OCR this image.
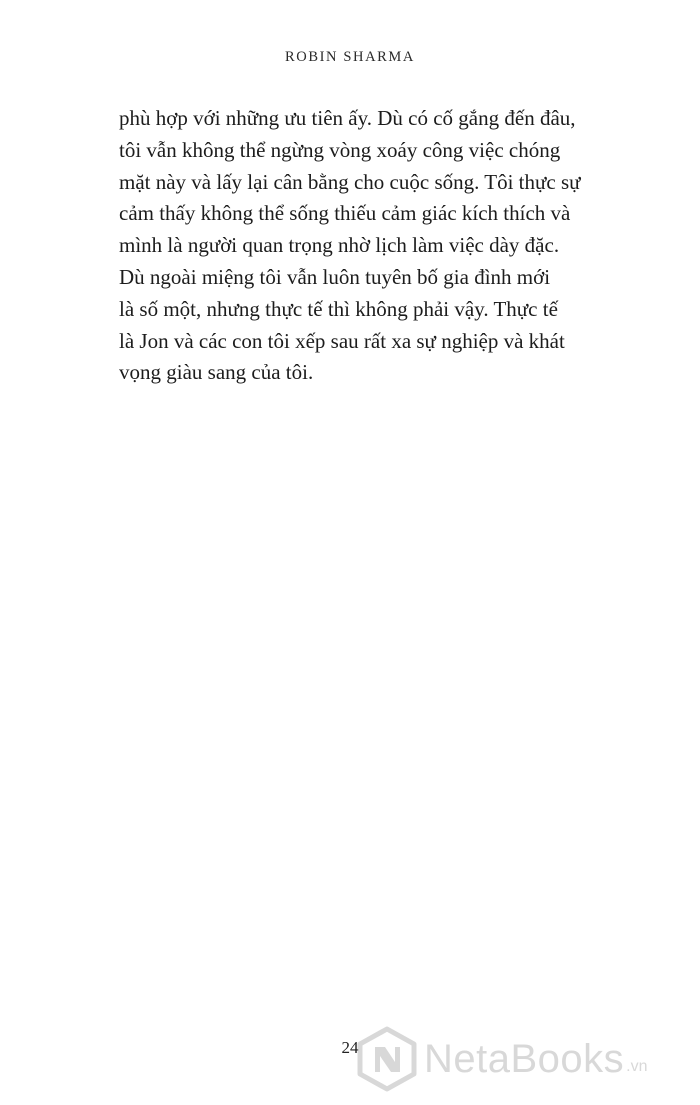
ROBIN SHARMA
phù hợp với những ưu tiên ấy. Dù có cố gắng đến đâu,
tôi vẫn không thể ngừng vòng xoáy công việc chóng
mặt này và lấy lại cân bằng cho cuộc sống. Tôi thực sự
cảm thấy không thể sống thiếu cảm giác kích thích và
mình là người quan trọng nhờ lịch làm việc dày đặc.
Dù ngoài miệng tôi vẫn luôn tuyên bố gia đình mới
là số một, nhưng thực tế thì không phải vậy. Thực tế
là Jon và các con tôi xếp sau rất xa sự nghiệp và khát
vọng giàu sang của tôi.
24	NetaBooks .vn
